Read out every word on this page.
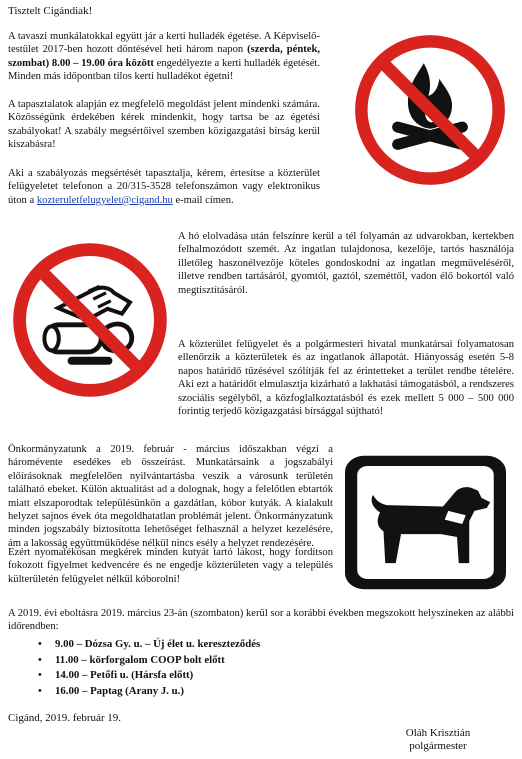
Tisztelt Cigándiak!

A tavaszi munkálatokkal együtt jár a kerti hulladék égetése. A Képviselő-testület 2017-ben hozott döntésével heti három napon (szerda, péntek, szombat) 8.00 – 19.00 óra között engedélyezte a kerti hulladék égetését. Minden más időpontban tilos kerti hulladékot égetni!

A tapasztalatok alapján ez megfelelő megoldást jelent mindenki számára. Közösségünk érdekében kérek mindenkit, hogy tartsa be az égetési szabályokat! A szabály megsértőivel szemben közigazgatási bírság kerül kiszabásra!

Aki a szabályozás megsértését tapasztalja, kérem, értesítse a közterület felügyeletet telefonon a 20/315-3528 telefonszámon vagy elektronikus úton a kozteruletfelugyelet@cigand.hu e-mail címen.

A hó elolvadása után felszínre kerül a tél folyamán az udvarokban, kertekben felhalmozódott szemét. Az ingatlan tulajdonosa, kezelője, tartós használója illetőleg haszonélvezője köteles gondoskodni az ingatlan megműveléséről, illetve rendben tartásáról, gyomtól, gaztól, szeméttől, vadon élő bokortól való megtisztításáról.
A közterület felügyelet és a polgármesteri hivatal munkatársai folyamatosan ellenőrzik a közterületek és az ingatlanok állapotát. Hiányosság esetén 5-8 napos határidő tűzésével szólítják fel az érintetteket a terület rendbe tételére. Aki ezt a határidőt elmulasztja kizárható a lakhatási támogatásból, a rendszeres szociális segélyből, a közfoglalkoztatásból és ezek mellett 5 000 – 500 000 forintig terjedő közigazgatási bírsággal sújtható!
Önkormányzatunk a 2019. február - március időszakban végzi a háromévente esedékes eb összeírást. Munkatársaink a jogszabályi előírásoknak megfelelően nyilvántartásba veszik a városunk területén található ebeket. Külön aktualitást ad a dolognak, hogy a felelőtlen ebtartók miatt elszaporodtak településünkön a gazdátlan, kóbor kutyák. A kialakult helyzet sajnos évek óta megoldhatatlan problémát jelent. Önkormányzatunk minden jogszabály biztosította lehetőséget felhasznál a helyzet kezelésére, ám a lakosság együttműködése nélkül nincs esély a helyzet rendezésére.
Ezért nyomatékosan megkérek minden kutyát tartó lakost, hogy fordítson fokozott figyelmet kedvencére és ne engedje közterületen vagy a település külterületén felügyelet nélkül kóborolni!
A 2019. évi eboltásra 2019. március 23-án (szombaton) kerül sor a korábbi években megszokott helyszíneken az alábbi időrendben:
• 9.00 – Dózsa Gy. u. – Új élet u. kereszteződés
• 11.00 – körforgalom COOP bolt előtt
• 14.00 – Petőfi u. (Hársfa előtt)
• 16.00 – Paptag (Arany J. u.)
Cigánd, 2019. február 19.
Oláh Krisztián
polgármester
